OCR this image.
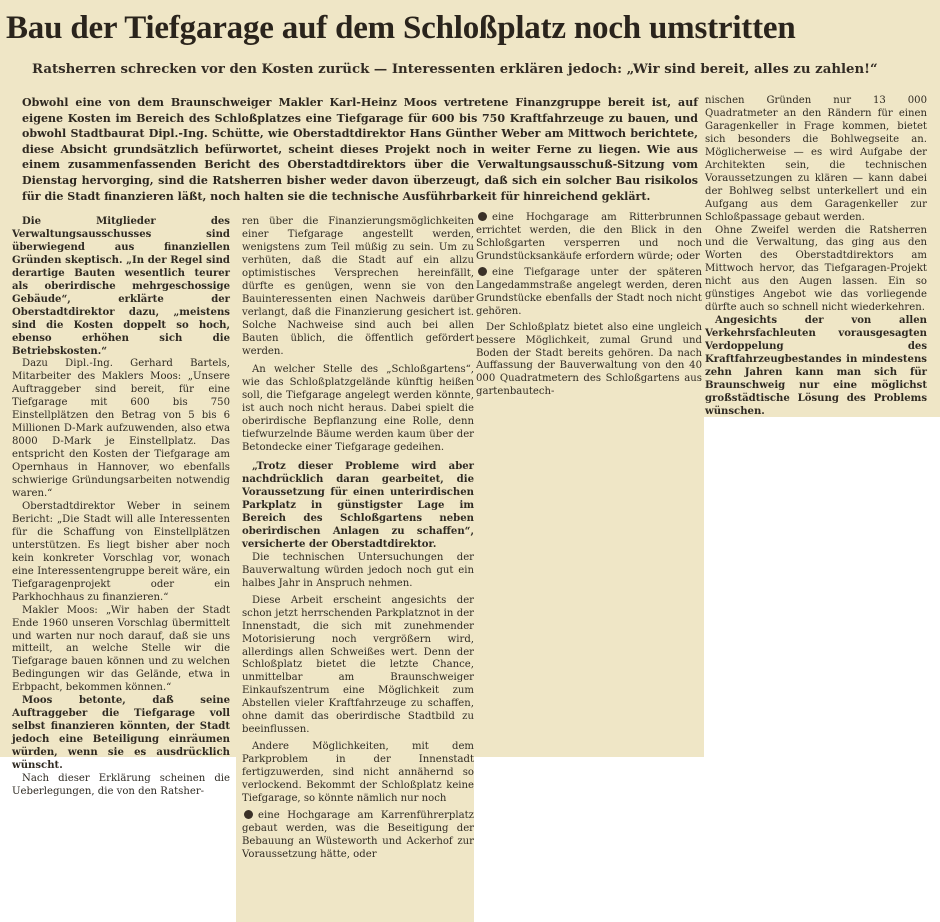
Bau der Tiefgarage auf dem Schloßplatz noch umstritten
Ratsherren schrecken vor den Kosten zurück — Interessenten erklären jedoch: „Wir sind bereit, alles zu zahlen!“
Obwohl eine von dem Braunschweiger Makler Karl-Heinz Moos vertretene Finanzgruppe bereit ist, auf eigene Kosten im Bereich des Schloßplatzes eine Tiefgarage für 600 bis 750 Kraftfahrzeuge zu bauen, und obwohl Stadtbaurat Dipl.-Ing. Schütte, wie Oberstadtdirektor Hans Günther Weber am Mittwoch berichtete, diese Absicht grundsätzlich befürwortet, scheint dieses Projekt noch in weiter Ferne zu liegen. Wie aus einem zusammenfassenden Bericht des Oberstadtdirektors über die Verwaltungsausschuß-Sitzung vom Dienstag hervorging, sind die Ratsherren bisher weder davon überzeugt, daß sich ein solcher Bau risikolos für die Stadt finanzieren läßt, noch halten sie die technische Ausführbarkeit für hinreichend geklärt.

Die Mitglieder des Verwaltungsausschusses sind überwiegend aus finanziellen Gründen skeptisch. „In der Regel sind derartige Bauten wesentlich teurer als oberirdische mehrgeschossige Gebäude“, erklärte der Oberstadtdirektor dazu, „meistens sind die Kosten doppelt so hoch, ebenso erhöhen sich die Betriebskosten.“

Dazu Dipl.-Ing. Gerhard Bartels, Mitarbeiter des Maklers Moos: „Unsere Auftraggeber sind bereit, für eine Tiefgarage mit 600 bis 750 Einstellplätzen den Betrag von 5 bis 6 Millionen D-Mark aufzuwenden, also etwa 8000 D-Mark je Einstellplatz. Das entspricht den Kosten der Tiefgarage am Opernhaus in Hannover, wo ebenfalls schwierige Gründungsarbeiten notwendig waren.“

Oberstadtdirektor Weber in seinem Bericht: „Die Stadt will alle Interessenten für die Schaffung von Einstellplätzen unterstützen. Es liegt bisher aber noch kein konkreter Vorschlag vor, wonach eine Interessentengruppe bereit wäre, ein Tiefgaragenprojekt oder ein Parkhochhaus zu finanzieren.“

Makler Moos: „Wir haben der Stadt Ende 1960 unseren Vorschlag übermittelt und warten nur noch darauf, daß sie uns mitteilt, an welche Stelle wir die Tiefgarage bauen können und zu welchen Bedingungen wir das Gelände, etwa in Erbpacht, bekommen können.“

Moos betonte, daß seine Auftraggeber die Tiefgarage voll selbst finanzieren könnten, der Stadt jedoch eine Beteiligung einräumen würden, wenn sie es ausdrücklich wünscht.

Nach dieser Erklärung scheinen die Ueberlegungen, die von den Ratsher-

ren über die Finanzierungsmöglichkeiten einer Tiefgarage angestellt werden, wenigstens zum Teil müßig zu sein. Um zu verhüten, daß die Stadt auf ein allzu optimistisches Versprechen hereinfällt, dürfte es genügen, wenn sie von den Bauinteressenten einen Nachweis darüber verlangt, daß die Finanzierung gesichert ist. Solche Nachweise sind auch bei allen Bauten üblich, die öffentlich gefördert werden.

An welcher Stelle des „Schloßgartens“, wie das Schloßplatzgelände künftig heißen soll, die Tiefgarage angelegt werden könnte, ist auch noch nicht heraus. Dabei spielt die oberirdische Bepflanzung eine Rolle, denn tiefwurzelnde Bäume werden kaum über der Betondecke einer Tiefgarage gedeihen.

„Trotz dieser Probleme wird aber nachdrücklich daran gearbeitet, die Voraussetzung für einen unterirdischen Parkplatz in günstigster Lage im Bereich des Schloßgartens neben oberirdischen Anlagen zu schaffen“, versicherte der Oberstadtdirektor.

Die technischen Untersuchungen der Bauverwaltung würden jedoch noch gut ein halbes Jahr in Anspruch nehmen.

Diese Arbeit erscheint angesichts der schon jetzt herrschenden Parkplatznot in der Innenstadt, die sich mit zunehmender Motorisierung noch vergrößern wird, allerdings allen Schweißes wert. Denn der Schloßplatz bietet die letzte Chance, unmittelbar am Braunschweiger Einkaufszentrum eine Möglichkeit zum Abstellen vieler Kraftfahrzeuge zu schaffen, ohne damit das oberirdische Stadtbild zu beeinflussen.

Andere Möglichkeiten, mit dem Parkproblem in der Innenstadt fertigzuwerden, sind nicht annähernd so verlockend. Bekommt der Schloßplatz keine Tiefgarage, so könnte nämlich nur noch

eine Hochgarage am Karrenführerplatz gebaut werden, was die Beseitigung der Bebauung an Wüsteworth und Ackerhof zur Voraussetzung hätte, oder

eine Hochgarage am Ritterbrunnen errichtet werden, die den Blick in den Schloßgarten versperren und noch Grundstücksankäufe erfordern würde; oder

eine Tiefgarage unter der späteren Langedammstraße angelegt werden, deren Grundstücke ebenfalls der Stadt noch nicht gehören.

Der Schloßplatz bietet also eine ungleich bessere Möglichkeit, zumal Grund und Boden der Stadt bereits gehören. Da nach Auffassung der Bauverwaltung von den 40 000 Quadratmetern des Schloßgartens aus gartenbautech-

nischen Gründen nur 13 000 Quadratmeter an den Rändern für einen Garagenkeller in Frage kommen, bietet sich besonders die Bohlwegseite an. Möglicherweise — es wird Aufgabe der Architekten sein, die technischen Voraussetzungen zu klären — kann dabei der Bohlweg selbst unterkellert und ein Aufgang aus dem Garagenkeller zur Schloßpassage gebaut werden.

Ohne Zweifel werden die Ratsherren und die Verwaltung, das ging aus den Worten des Oberstadtdirektors am Mittwoch hervor, das Tiefgaragen-Projekt nicht aus den Augen lassen. Ein so günstiges Angebot wie das vorliegende dürfte auch so schnell nicht wiederkehren.

Angesichts der von allen Verkehrsfachleuten vorausgesagten Verdoppelung des Kraftfahrzeugbestandes in mindestens zehn Jahren kann man sich für Braunschweig nur eine möglichst großstädtische Lösung des Problems wünschen.
